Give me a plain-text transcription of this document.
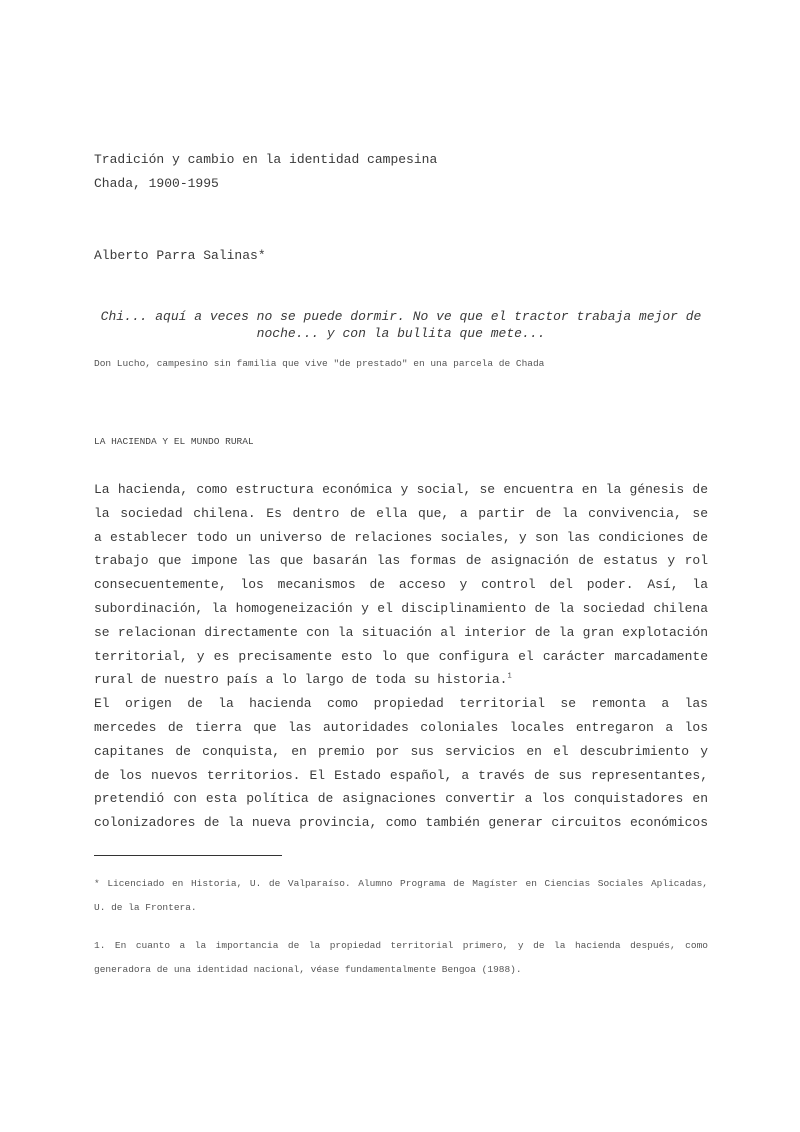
Tradición y cambio en la identidad campesina
Chada, 1900-1995
Alberto Parra Salinas*
Chi... aquí a veces no se puede dormir. No ve que el tractor trabaja mejor de
noche... y con la bullita que mete...
Don Lucho, campesino sin familia que vive "de prestado" en una parcela de Chada
LA HACIENDA Y EL MUNDO RURAL
La hacienda, como estructura económica y social, se encuentra en la génesis de
la sociedad chilena. Es dentro de ella que, a partir de la convivencia, se
a establecer todo un universo de relaciones sociales, y son las condiciones de
trabajo que impone las que basarán las formas de asignación de estatus y rol
consecuentemente, los mecanismos de acceso y control del poder. Así, la
subordinación, la homogeneización y el disciplinamiento de la sociedad chilena
se relacionan directamente con la situación al interior de la gran explotación
territorial, y es precisamente esto lo que configura el carácter marcadamente
rural de nuestro país a lo largo de toda su historia.$^1$
El origen de la hacienda como propiedad territorial se remonta a las
mercedes de tierra que las autoridades coloniales locales entregaron a los
capitanes de conquista, en premio por sus servicios en el descubrimiento y
de los nuevos territorios. El Estado español, a través de sus representantes,
pretendió con esta política de asignaciones convertir a los conquistadores en
colonizadores de la nueva provincia, como también generar circuitos económicos
* Licenciado en Historia, U. de Valparaíso. Alumno Programa de Magíster en Ciencias Sociales Aplicadas,
U. de la Frontera.
1. En cuanto a la importancia de la propiedad territorial primero, y de la hacienda después, como
generadora de una identidad nacional, véase fundamentalmente Bengoa (1988).
